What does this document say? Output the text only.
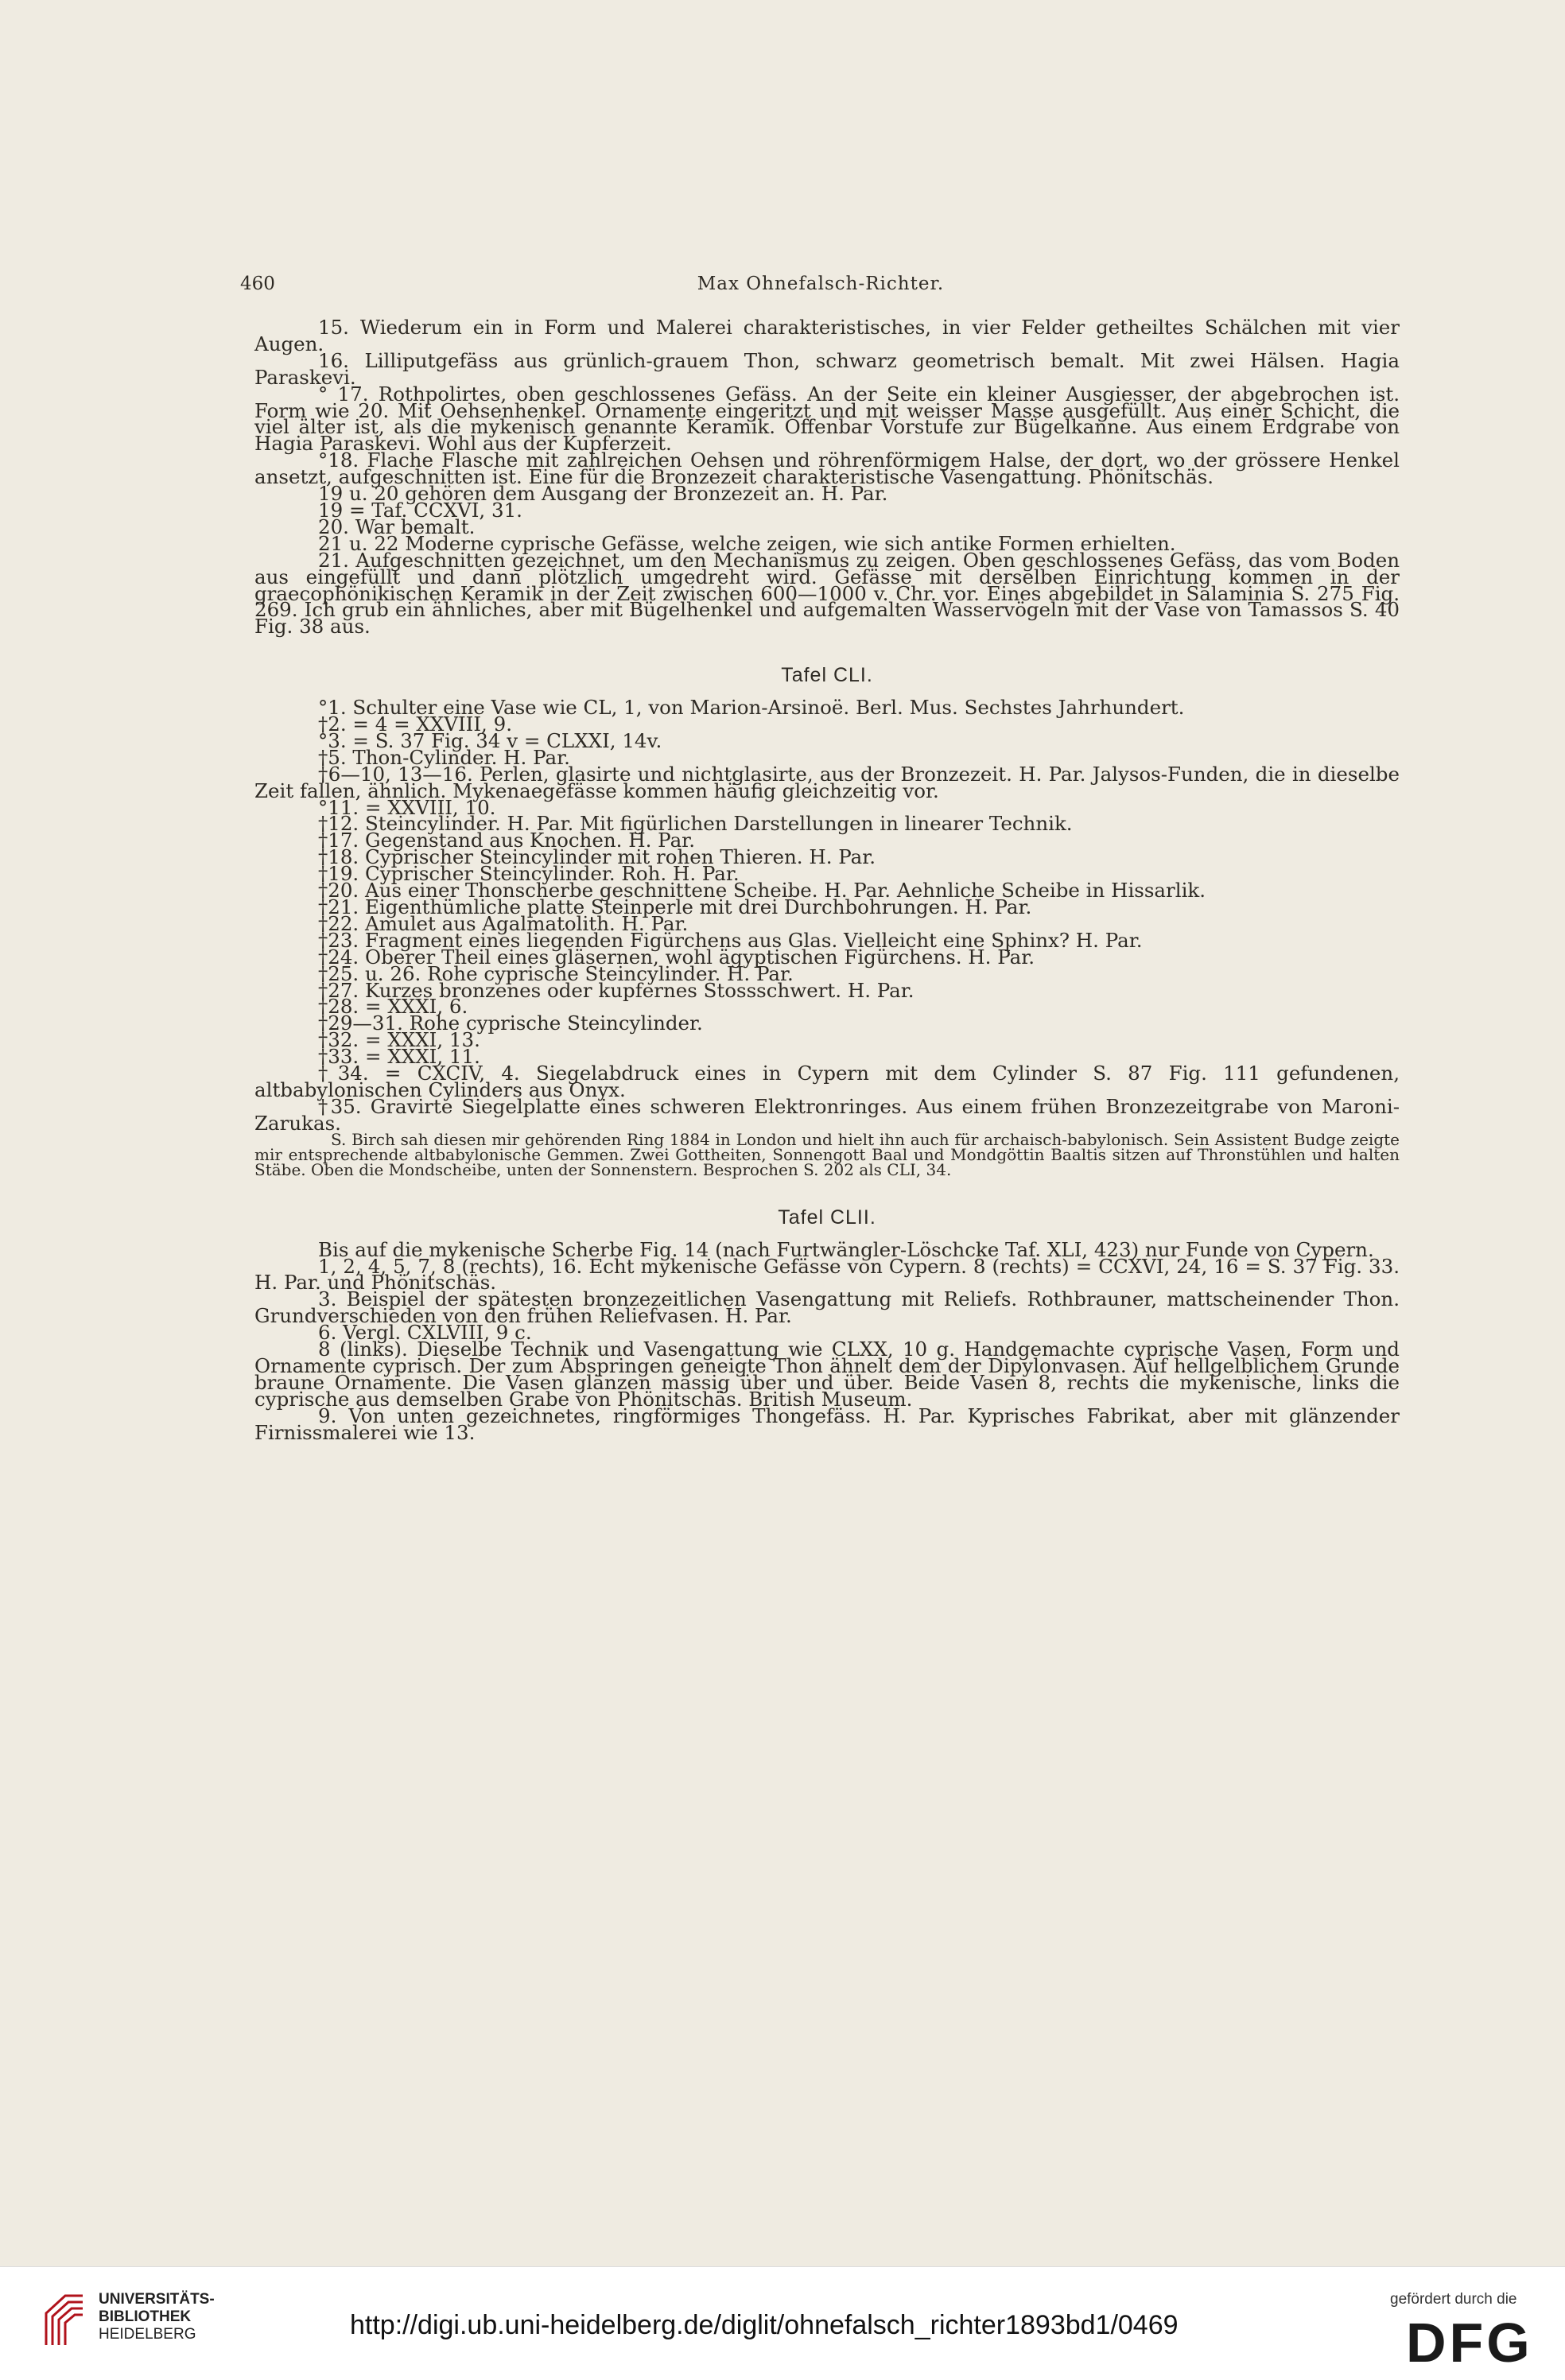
460	Max Ohnefalsch-Richter.

15. Wiederum ein in Form und Malerei charakteristisches, in vier Felder getheiltes Schälchen mit vier Augen.

16. Lilliputgefäss aus grünlich-grauem Thon, schwarz geometrisch bemalt. Mit zwei Hälsen. Hagia Paraskevi.

° 17. Rothpolirtes, oben geschlossenes Gefäss. An der Seite ein kleiner Ausgiesser, der abgebrochen ist. Form wie 20. Mit Oehsenhenkel. Ornamente eingeritzt und mit weisser Masse ausgefüllt. Aus einer Schicht, die viel älter ist, als die mykenisch genannte Keramik. Offenbar Vorstufe zur Bügelkanne. Aus einem Erdgrabe von Hagia Paraskevi. Wohl aus der Kupferzeit.

°18. Flache Flasche mit zahlreichen Oehsen und röhrenförmigem Halse, der dort, wo der grössere Henkel ansetzt, aufgeschnitten ist. Eine für die Bronzezeit charakteristische Vasengattung. Phönitschäs.

19 u. 20 gehören dem Ausgang der Bronzezeit an. H. Par.

19 = Taf. CCXVI, 31.

20. War bemalt.

21 u. 22 Moderne cyprische Gefässe, welche zeigen, wie sich antike Formen erhielten.

21. Aufgeschnitten gezeichnet, um den Mechanismus zu zeigen. Oben geschlossenes Gefäss, das vom Boden aus eingefüllt und dann plötzlich umgedreht wird. Gefässe mit derselben Einrichtung kommen in der graecophönikischen Keramik in der Zeit zwischen 600—1000 v. Chr. vor. Eines abgebildet in Salaminia S. 275 Fig. 269. Ich grub ein ähnliches, aber mit Bügelhenkel und aufgemalten Wasservögeln mit der Vase von Tamassos S. 40 Fig. 38 aus.

Tafel CLI.

°1. Schulter eine Vase wie CL, 1, von Marion-Arsinoë. Berl. Mus. Sechstes Jahrhundert.

†2. = 4 = XXVIII, 9.

°3. = S. 37 Fig. 34 v = CLXXI, 14v.

†5. Thon-Cylinder. H. Par.

†6—10, 13—16. Perlen, glasirte und nichtglasirte, aus der Bronzezeit. H. Par. Jalysos-Funden, die in dieselbe Zeit fallen, ähnlich. Mykenaegefässe kommen häufig gleichzeitig vor.

°11. = XXVIII, 10.

†12. Steincylinder. H. Par. Mit figürlichen Darstellungen in linearer Technik.

†17. Gegenstand aus Knochen. H. Par.

†18. Cyprischer Steincylinder mit rohen Thieren. H. Par.

†19. Cyprischer Steincylinder. Roh. H. Par.

†20. Aus einer Thonscherbe geschnittene Scheibe. H. Par. Aehnliche Scheibe in Hissarlik.

†21. Eigenthümliche platte Steinperle mit drei Durchbohrungen. H. Par.

†22. Amulet aus Agalmatolith. H. Par.

†23. Fragment eines liegenden Figürchens aus Glas. Vielleicht eine Sphinx? H. Par.

†24. Oberer Theil eines gläsernen, wohl ägyptischen Figürchens. H. Par.

†25. u. 26. Rohe cyprische Steincylinder. H. Par.

†27. Kurzes bronzenes oder kupfernes Stossschwert. H. Par.

†28. = XXXI, 6.

†29—31. Rohe cyprische Steincylinder.

†32. = XXXI, 13.

†33. = XXXI, 11.

†34. = CXCIV, 4. Siegelabdruck eines in Cypern mit dem Cylinder S. 87 Fig. 111 gefundenen, altbabylonischen Cylinders aus Onyx.

†35. Gravirte Siegelplatte eines schweren Elektronringes. Aus einem frühen Bronzezeitgrabe von Maroni-Zarukas.

S. Birch sah diesen mir gehörenden Ring 1884 in London und hielt ihn auch für archaisch-babylonisch. Sein Assistent Budge zeigte mir entsprechende altbabylonische Gemmen. Zwei Gottheiten, Sonnengott Baal und Mondgöttin Baaltis sitzen auf Thronstühlen und halten Stäbe. Oben die Mondscheibe, unten der Sonnenstern. Besprochen S. 202 als CLI, 34.

Tafel CLII.

Bis auf die mykenische Scherbe Fig. 14 (nach Furtwängler-Löschcke Taf. XLI, 423) nur Funde von Cypern.

1, 2, 4, 5, 7, 8 (rechts), 16. Echt mykenische Gefässe von Cypern. 8 (rechts) = CCXVI, 24, 16 = S. 37 Fig. 33. H. Par. und Phönitschäs.

3. Beispiel der spätesten bronzezeitlichen Vasengattung mit Reliefs. Rothbrauner, mattscheinender Thon. Grundverschieden von den frühen Reliefvasen. H. Par.

6. Vergl. CXLVIII, 9 c.

8 (links). Dieselbe Technik und Vasengattung wie CLXX, 10 g. Handgemachte cyprische Vasen, Form und Ornamente cyprisch. Der zum Abspringen geneigte Thon ähnelt dem der Dipylonvasen. Auf hellgelblichem Grunde braune Ornamente. Die Vasen glänzen mässig über und über. Beide Vasen 8, rechts die mykenische, links die cyprische aus demselben Grabe von Phönitschäs. British Museum.

9. Von unten gezeichnetes, ringförmiges Thongefäss. H. Par. Kyprisches Fabrikat, aber mit glänzender Firnissmalerei wie 13.

UNIVERSITÄTS-
BIBLIOTHEK
HEIDELBERG	http://digi.ub.uni-heidelberg.de/diglit/ohnefalsch_richter1893bd1/0469
gefördert durch die
DFG
